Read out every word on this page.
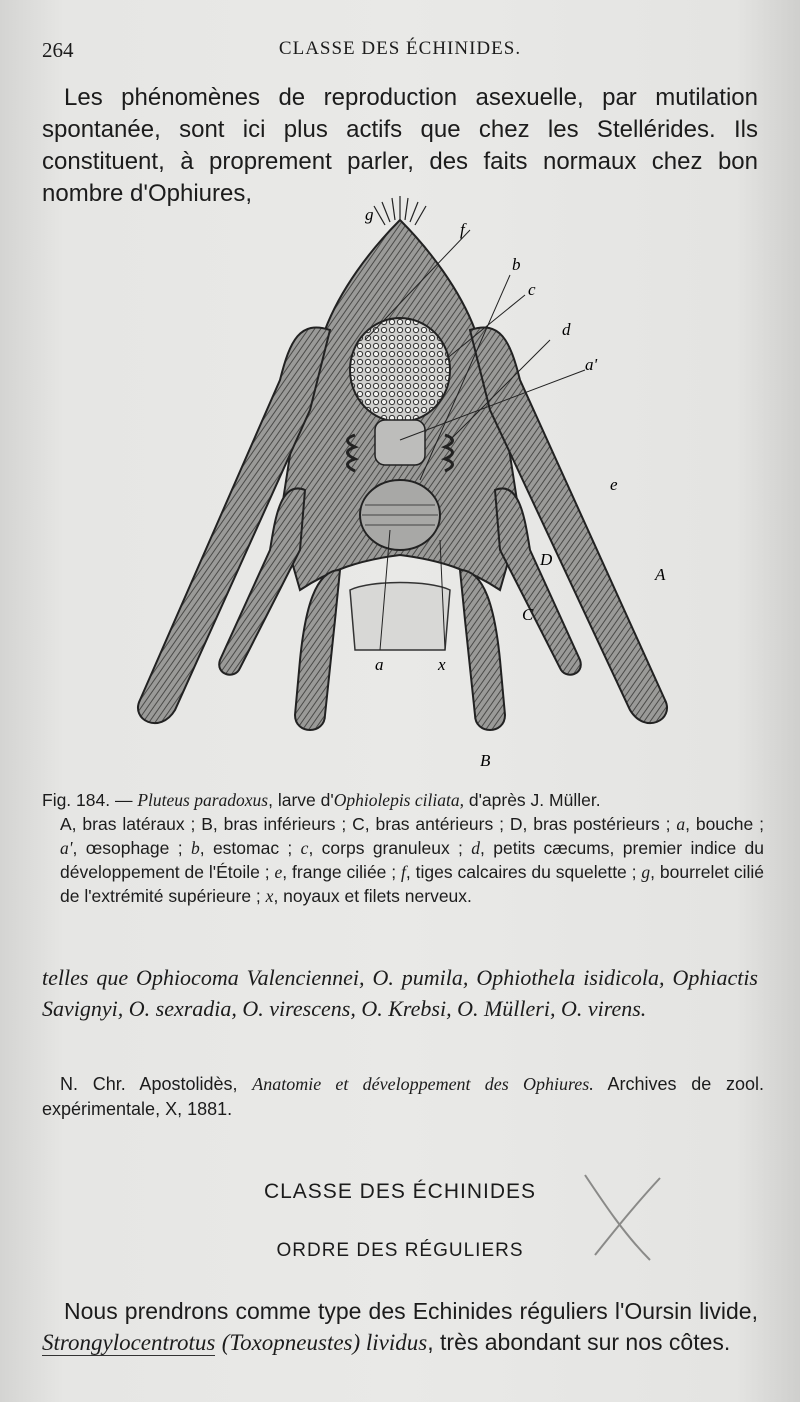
264	CLASSE DES ÉCHINIDES.
Les phénomènes de reproduction asexuelle, par mutilation spontanée, sont ici plus actifs que chez les Stellérides. Ils constituent, à proprement parler, des faits normaux chez bon nombre d'Ophiures,
g
f
b
c
d
a'
e
D
A
C
a	x
B
Fig. 184. — Pluteus paradoxus, larve d'Ophiolepis ciliata, d'après J. Müller.
A, bras latéraux ; B, bras inférieurs ; C, bras antérieurs ; D, bras postérieurs ; a, bouche ; a', œsophage ; b, estomac ; c, corps granuleux ; d, petits cæcums, premier indice du développement de l'Étoile ; e, frange ciliée ; f, tiges calcaires du squelette ; g, bourrelet cilié de l'extrémité supérieure ; x, noyaux et filets nerveux.
telles que Ophiocoma Valenciennei, O. pumila, Ophiothela isidicola, Ophiactis Savignyi, O. sexradia, O. virescens, O. Krebsi, O. Mülleri, O. virens.
N. Chr. Apostolidès, Anatomie et développement des Ophiures. Archives de zool. expérimentale, X, 1881.
CLASSE DES ÉCHINIDES
ORDRE DES RÉGULIERS
Nous prendrons comme type des Echinides réguliers l'Oursin livide, Strongylocentrotus (Toxopneustes) lividus, très abondant sur nos côtes.
